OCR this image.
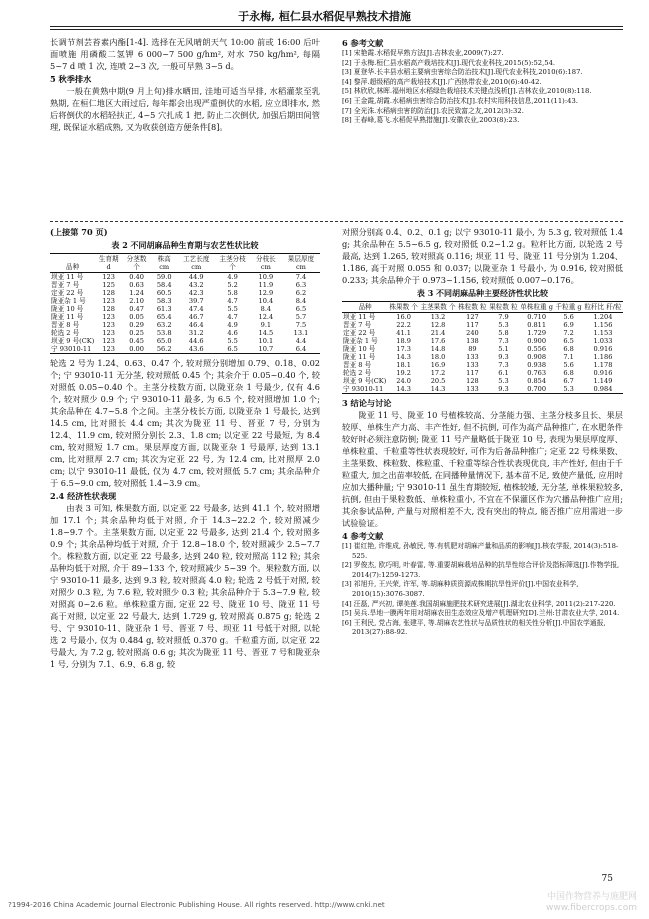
于永梅, 桓仁县水稻促早熟技术措施

长调节剂芸苔素内酯[1-4]. 选择在无风晴朗天气 10:00 前或 16:00 后叶面喷施 用磷酸二氢钾 6 000~7 500 g/hm², 对水 750 kg/hm², 每隔 5~7 d 喷 1 次, 连喷 2~3 次, 一般可早熟 3~5 d。

5 秋季排水

一般在黄熟中期(9 月上旬)排水晒田, 洼地可适当早排, 水稻灌浆至乳熟期, 在桓仁地区大雨过后, 每年都会出现严重倒伏的水稻, 应立即排水, 然后将倒伏的水稻轻扶正, 4~5 穴扎成 1 把, 防止二次倒伏, 加强后期田间管理, 既保证水稻成熟, 又为收获创造方便条件[8]。

6 参考文献
[1] 宋艳霞.水稻促早熟方法[J].吉林农业,2009(7):27.
[2] 于永梅.桓仁县水稻高产栽培技术[J].现代农业科技,2015(5):52,54.
[3] 夏登华.长丰县水稻主要病虫害综合防治技术[J].现代农业科技,2010(6):187.
[4] 黎萍.超级稻的高产栽培技术[J].广西热带农业,2010(6):40-42.
[5] 林欣欣,林晖.福州地区水稻绿色栽培技术关键点浅析[J].吉林农业,2010(8):118.
[6] 王金霞,胡霞.水稻病虫害综合防治技术[J].农村实用科技信息,2011(11):43.
[7] 全光洙.水稻病虫害的防治[J].农民致富之友,2012(3):32.
[8] 王春峰,葛飞.水稻促早熟措施[J].安徽农业,2003(8):23.
(上接第 70 页)
表 2 不同胡麻品种生育期与农艺性状比较
品种	生育期 d	分茎数 个	株高 cm	工艺长度 cm	主茎分枝 个	分枝长 cm	果层厚度 cm
坝亚 11 号	123	0.40	59.0	44.9	4.9	10.9	7.4
晋亚 7 号	125	0.63	58.4	43.2	5.2	11.9	6.3
定亚 22 号	128	1.24	60.5	42.3	5.8	12.9	6.2
陇亚杂 1 号	123	2.10	58.3	39.7	4.7	10.4	8.4
陇亚 10 号	128	0.47	61.3	47.4	5.5	8.4	6.5
陇亚 11 号	123	0.05	65.4	46.7	4.7	12.4	5.7
晋亚 8 号	123	0.29	63.2	46.4	4.9	9.1	7.5
轮选 2 号	123	0.25	53.8	31.2	4.6	14.5	13.1
坝亚 9 号(CK)	123	0.45	65.0	44.6	5.5	10.1	4.4
宁 93010-11	123	0.00	56.2	43.6	6.5	10.7	6.4

轮选 2 号为 1.24、0.63、0.47 个, 较对照分别增加 0.79、0.18、0.02 个; 宁 93010-11 无分茎, 较对照低 0.45 个; 其余介于 0.05~0.40 个, 较对照低 0.05~0.40 个。主茎分枝数方面, 以陇亚杂 1 号最少, 仅有 4.6 个, 较对照少 0.9 个; 宁 93010-11 最多, 为 6.5 个, 较对照增加 1.0 个; 其余品种在 4.7~5.8 个之间。主茎分枝长方面, 以陇亚杂 1 号最长, 达到 14.5 cm, 比对照长 4.4 cm; 其次为陇亚 11 号、晋亚 7 号, 分别为 12.4、11.9 cm, 较对照分别长 2.3、1.8 cm; 以定亚 22 号最短, 为 8.4 cm, 较对照短 1.7 cm。果层厚度方面, 以陇亚杂 1 号最厚, 达到 13.1 cm, 比对照厚 2.7 cm; 其次为定亚 22 号, 为 12.4 cm, 比对照厚 2.0 cm; 以宁 93010-11 最低, 仅为 4.7 cm, 较对照低 5.7 cm; 其余品种介于 6.5~9.0 cm, 较对照低 1.4~3.9 cm。

2.4 经济性状表现

由表 3 可知, 株果数方面, 以定亚 22 号最多, 达到 41.1 个, 较对照增加 17.1 个; 其余品种均低于对照, 介于 14.3~22.2 个, 较对照减少 1.8~9.7 个。主茎果数方面, 以定亚 22 号最多, 达到 21.4 个, 较对照多 0.9 个; 其余品种均低于对照, 介于 12.8~18.0 个, 较对照减少 2.5~7.7 个。株粒数方面, 以定亚 22 号最多, 达到 240 粒, 较对照高 112 粒; 其余品种均低于对照, 介于 89~133 个, 较对照减少 5~39 个。果粒数方面, 以宁 93010-11 最多, 达到 9.3 粒, 较对照高 4.0 粒; 轮选 2 号低于对照, 较对照少 0.3 粒, 为 7.6 粒, 较对照少 0.3 粒; 其余品种介于 5.3~7.9 粒, 较对照高 0~2.6 粒。单株粒重方面, 定亚 22 号、陇亚 10 号、陇亚 11 号高于对照, 以定亚 22 号最大, 达到 1.729 g, 较对照高 0.875 g; 轮选 2 号、宁 93010-11、陇亚杂 1 号、晋亚 7 号、坝亚 11 号低于对照, 以轮选 2 号最小, 仅为 0.484 g, 较对照低 0.370 g。千粒重方面, 以定亚 22 号最大, 为 7.2 g, 较对照高 0.6 g; 其次为陇亚 11 号、晋亚 7 号和陇亚杂 1 号, 分别为 7.1、6.9、6.8 g, 较

对照分别高 0.4、0.2、0.1 g; 以宁 93010-11 最小, 为 5.3 g, 较对照低 1.4 g; 其余品种在 5.5~6.5 g, 较对照低 0.2~1.2 g。粒秆比方面, 以轮选 2 号最高, 达到 1.265, 较对照高 0.116; 坝亚 11 号、陇亚 11 号分别为 1.204、1.186, 高于对照 0.055 和 0.037; 以陇亚杂 1 号最小, 为 0.916, 较对照低 0.233; 其余品种介于 0.973~1.156, 较对照低 0.007~0.176。

表 3 不同胡麻品种主要经济性状比较
品种	株果数 个	主茎果数 个	株粒数 粒	果粒数 粒	单株粒重 g	千粒重 g	粒秆比 秆/粒
坝亚 11 号	16.0	13.2	127	7.9	0.710	5.6	1.204
晋亚 7 号	22.2	12.8	117	5.3	0.811	6.9	1.156
定亚 22 号	41.1	21.4	240	5.8	1.729	7.2	1.153
陇亚杂 1 号	18.9	17.6	138	7.3	0.900	6.5	1.033
陇亚 10 号	17.3	14.8	89	5.1	0.556	6.8	0.916
陇亚 11 号	14.3	18.0	133	9.3	0.908	7.1	1.186
晋亚 8 号	18.1	16.9	133	7.3	0.938	5.6	1.178
轮选 2 号	19.2	17.2	117	6.1	0.763	6.8	0.916
坝亚 9 号(CK)	24.0	20.5	128	5.3	0.854	6.7	1.149
宁 93010-11	14.3	14.3	133	9.3	0.700	5.3	0.984
3 结论与讨论

陇亚 11 号、陇亚 10 号植株较高、分茎能力强、主茎分枝多且长、果层较厚、单株生产力高、丰产性好, 但不抗倒, 可作为高产品种推广, 在水肥条件较好时必须注意防倒; 陇亚 11 号产量略低于陇亚 10 号, 表现为果层厚度厚、单株粒重、千粒重等性状表现较好, 可作为后备品种推广; 定亚 22 号株果数、主茎果数、株粒数、株粒重、千粒重等综合性状表现优良, 丰产性好, 但由于千粒重大, 加之出苗率较低, 在同播种量情况下, 基本苗不足, 致使产量低, 应用时应加大播种量; 宁 93010-11 虽生育期较短, 植株较矮, 无分茎, 单株果粒较多, 抗倒, 但由于果粒数低、单株粒重小, 不宜在不保灌区作为穴播品种推广应用; 其余参试品种, 产量与对照相差不大, 没有突出的特点, 能否推广应用需进一步试验验证。

4 参考文献
[1] 崔红艳, 许维成, 孙敏民, 等.有机肥对胡麻产量和品质的影响[J].核农学报, 2014(3):518-525.
[2] 罗俊杰, 欧巧明, 叶春雷, 等.重要胡麻栽培品种的抗旱性综合评价及指标筛选[J].作物学报, 2014(7):1259-1273.
[3] 祁旭升, 王兴荣, 许军, 等.胡麻种质资源成株期抗旱性评价[J].中国农业科学, 2010(15):3076-3087.
[4] 汪磊, 严兴初, 谭美莲.我国胡麻施肥技术研究进展[J].湖北农业科学, 2011(2):217-220.
[5] 吴兵.旱地一膜两年用对胡麻农田生态效应及增产机理研究[D].兰州:甘肃农业大学, 2014.
[6] 王利民, 党占海, 张建平, 等.胡麻农艺性状与品质性状的相关性分析[J].中国农学通报, 2013(27):88-92.
75
中国作物营养与施肥网
www.fibercrops.com
?1994-2016 China Academic Journal Electronic Publishing House. All rights reserved. http://www.cnki.net
